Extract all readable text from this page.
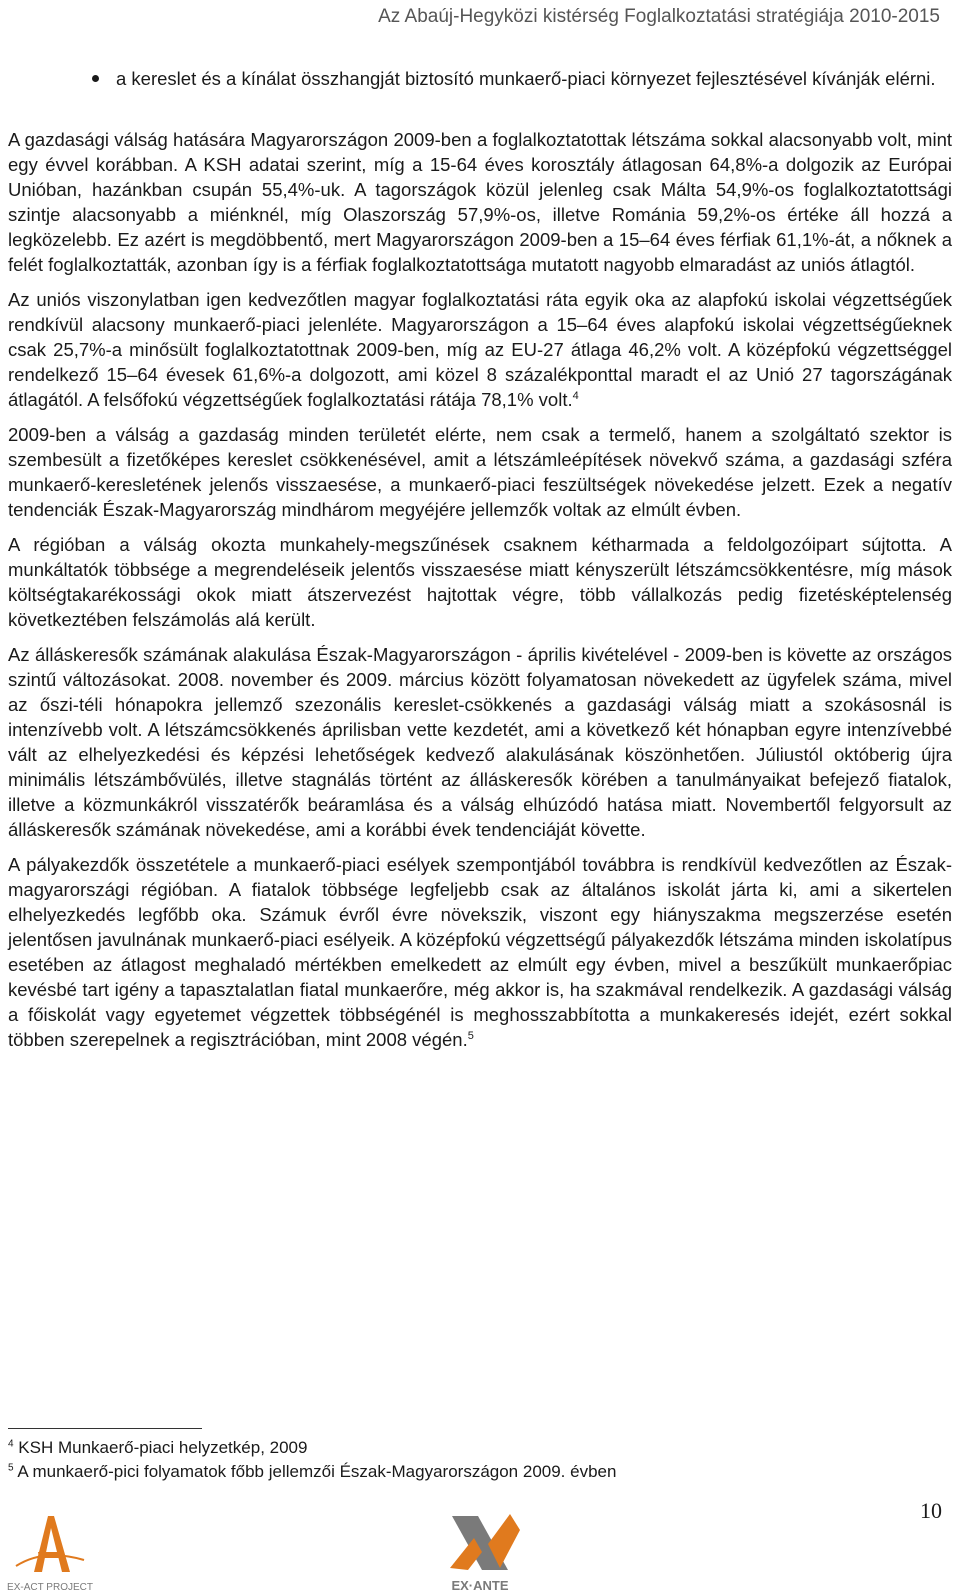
Az Abaúj-Hegyközi kistérség Foglalkoztatási stratégiája 2010-2015
a kereslet és a kínálat összhangját biztosító munkaerő-piaci környezet fejlesztésével kívánják elérni.

A gazdasági válság hatására Magyarországon 2009-ben a foglalkoztatottak létszáma sokkal alacsonyabb volt, mint egy évvel korábban. A KSH adatai szerint, míg a 15-64 éves korosztály átlagosan 64,8%-a dolgozik az Európai Unióban, hazánkban csupán 55,4%-uk. A tagországok közül jelenleg csak Málta 54,9%-os foglalkoztatottsági szintje alacsonyabb a miénknél, míg Olaszország 57,9%-os, illetve Románia 59,2%-os értéke áll hozzá a legközelebb. Ez azért is megdöbbentő, mert Magyarországon 2009-ben a 15–64 éves férfiak 61,1%-át, a nőknek a felét foglalkoztatták, azonban így is a férfiak foglalkoztatottsága mutatott nagyobb elmaradást az uniós átlagtól.

Az uniós viszonylatban igen kedvezőtlen magyar foglalkoztatási ráta egyik oka az alapfokú iskolai végzettségűek rendkívül alacsony munkaerő-piaci jelenléte. Magyarországon a 15–64 éves alapfokú iskolai végzettségűeknek csak 25,7%-a minősült foglalkoztatottnak 2009-ben, míg az EU-27 átlaga 46,2% volt. A középfokú végzettséggel rendelkező 15–64 évesek 61,6%-a dolgozott, ami közel 8 százalékponttal maradt el az Unió 27 tagországának átlagától. A felsőfokú végzettségűek foglalkoztatási rátája 78,1% volt.$^4$

2009-ben a válság a gazdaság minden területét elérte, nem csak a termelő, hanem a szolgáltató szektor is szembesült a fizetőképes kereslet csökkenésével, amit a létszámleépítések növekvő száma, a gazdasági szféra munkaerő-keresletének jelenős visszaesése, a munkaerő-piaci feszültségek növekedése jelzett. Ezek a negatív tendenciák Észak-Magyarország mindhárom megyéjére jellemzők voltak az elmúlt évben.

A régióban a válság okozta munkahely-megszűnések csaknem kétharmada a feldolgozóipart sújtotta. A munkáltatók többsége a megrendeléseik jelentős visszaesése miatt kényszerült létszámcsökkentésre, míg mások költségtakarékossági okok miatt átszervezést hajtottak végre, több vállalkozás pedig fizetésképtelenség következtében felszámolás alá került.

Az álláskeresők számának alakulása Észak-Magyarországon - április kivételével - 2009-ben is követte az országos szintű változásokat. 2008. november és 2009. március között folyamatosan növekedett az ügyfelek száma, mivel az őszi-téli hónapokra jellemző szezonális kereslet-csökkenés a gazdasági válság miatt a szokásosnál is intenzívebb volt. A létszámcsökkenés áprilisban vette kezdetét, ami a következő két hónapban egyre intenzívebbé vált az elhelyezkedési és képzési lehetőségek kedvező alakulásának köszönhetően. Júliustól októberig újra minimális létszámbővülés, illetve stagnálás történt az álláskeresők körében a tanulmányaikat befejező fiatalok, illetve a közmunkákról visszatérők beáramlása és a válság elhúzódó hatása miatt. Novembertől felgyorsult az álláskeresők számának növekedése, ami a korábbi évek tendenciáját követte.

A pályakezdők összetétele a munkaerő-piaci esélyek szempontjából továbbra is rendkívül kedvezőtlen az Észak-magyarországi régióban. A fiatalok többsége legfeljebb csak az általános iskolát járta ki, ami a sikertelen elhelyezkedés legfőbb oka. Számuk évről évre növekszik, viszont egy hiányszakma megszerzése esetén jelentősen javulnának munkaerő-piaci esélyeik. A középfokú végzettségű pályakezdők létszáma minden iskolatípus esetében az átlagost meghaladó mértékben emelkedett az elmúlt egy évben, mivel a beszűkült munkaerőpiac kevésbé tart igény a tapasztalatlan fiatal munkaerőre, még akkor is, ha szakmával rendelkezik. A gazdasági válság a főiskolát vagy egyetemet végzettek többségénél is meghosszabbította a munkakeresés idejét, ezért sokkal többen szerepelnek a regisztrációban, mint 2008 végén.$^5$

$^4$ KSH Munkaerő-piaci helyzetkép, 2009
$^5$ A munkaerő-pici folyamatok főbb jellemzői Észak-Magyarországon 2009. évben
10
EX-ACT PROJECT	EX·ANTE
